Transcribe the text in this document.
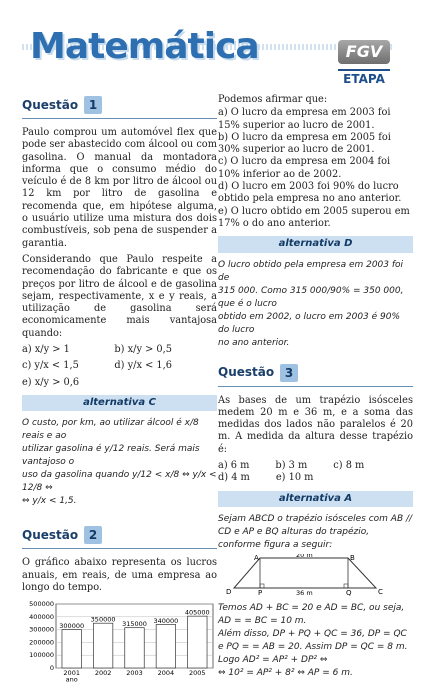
Matemática	FGV
ETAPA
Questão 1

Paulo comprou um automóvel flex que pode ser abastecido com álcool ou com gasolina. O manual da montadora informa que o consumo médio do veículo é de 8 km por litro de álcool ou 12 km por litro de gasolina e recomenda que, em hipótese alguma, o usuário utilize uma mistura dos dois combustíveis, sob pena de suspender a garantia.

Considerando que Paulo respeite a recomendação do fabricante e que os preços por litro de álcool e de gasolina sejam, respectivamente, x e y reais, a utilização de gasolina será economicamente mais vantajosa quando:

a) x/y > 1	b) x/y > 0,5
c) y/x < 1,5	d) y/x < 1,6
e) x/y > 0,6
alternativa C
O custo, por km, ao utilizar álcool é x/8 reais e ao
utilizar gasolina é y/12 reais. Será mais vantajoso o
uso da gasolina quando y/12 < x/8 ⇔ y/x < 12/8 ⇔
⇔ y/x < 1,5.
Questão 2

O gráfico abaixo representa os lucros anuais, em reais, de uma empresa ao longo do tempo.

0
100000
200000
300000
400000
500000
300000
2001
ano
350000
2002
315000
2003
340000
2004
405000
2005

Podemos afirmar que:

a) O lucro da empresa em 2003 foi 15% superior ao lucro de 2001.
b) O lucro da empresa em 2005 foi 30% superior ao lucro de 2001.
c) O lucro da empresa em 2004 foi 10% inferior ao de 2002.
d) O lucro em 2003 foi 90% do lucro obtido pela empresa no ano anterior.
e) O lucro obtido em 2005 superou em 17% o do ano anterior.
alternativa D
O lucro obtido pela empresa em 2003 foi de
315 000. Como 315 000/90% = 350 000, que é o lucro
obtido em 2002, o lucro em 2003 é 90% do lucro
no ano anterior.
Questão 3

As bases de um trapézio isósceles medem 20 m e 36 m, e a soma das medidas dos lados não paralelos é 20 m. A medida da altura desse trapézio é:

a) 6 m	b) 3 m	c) 8 m
d) 4 m	e) 10 m
alternativa A
Sejam ABCD o trapézio isósceles com AB // CD e AP e BQ alturas do trapézio, conforme figura a seguir:
A	B
C
D	P	Q
20 m
36 m
Temos AD + BC = 20 e AD = BC, ou seja, AD = = BC = 10 m.
Além disso, DP + PQ + QC = 36, DP = QC e PQ = = AB = 20. Assim DP = QC = 8 m.
Logo AD² = AP² + DP² ⇔
⇔ 10² = AP² + 8² ⇔ AP = 6 m.
